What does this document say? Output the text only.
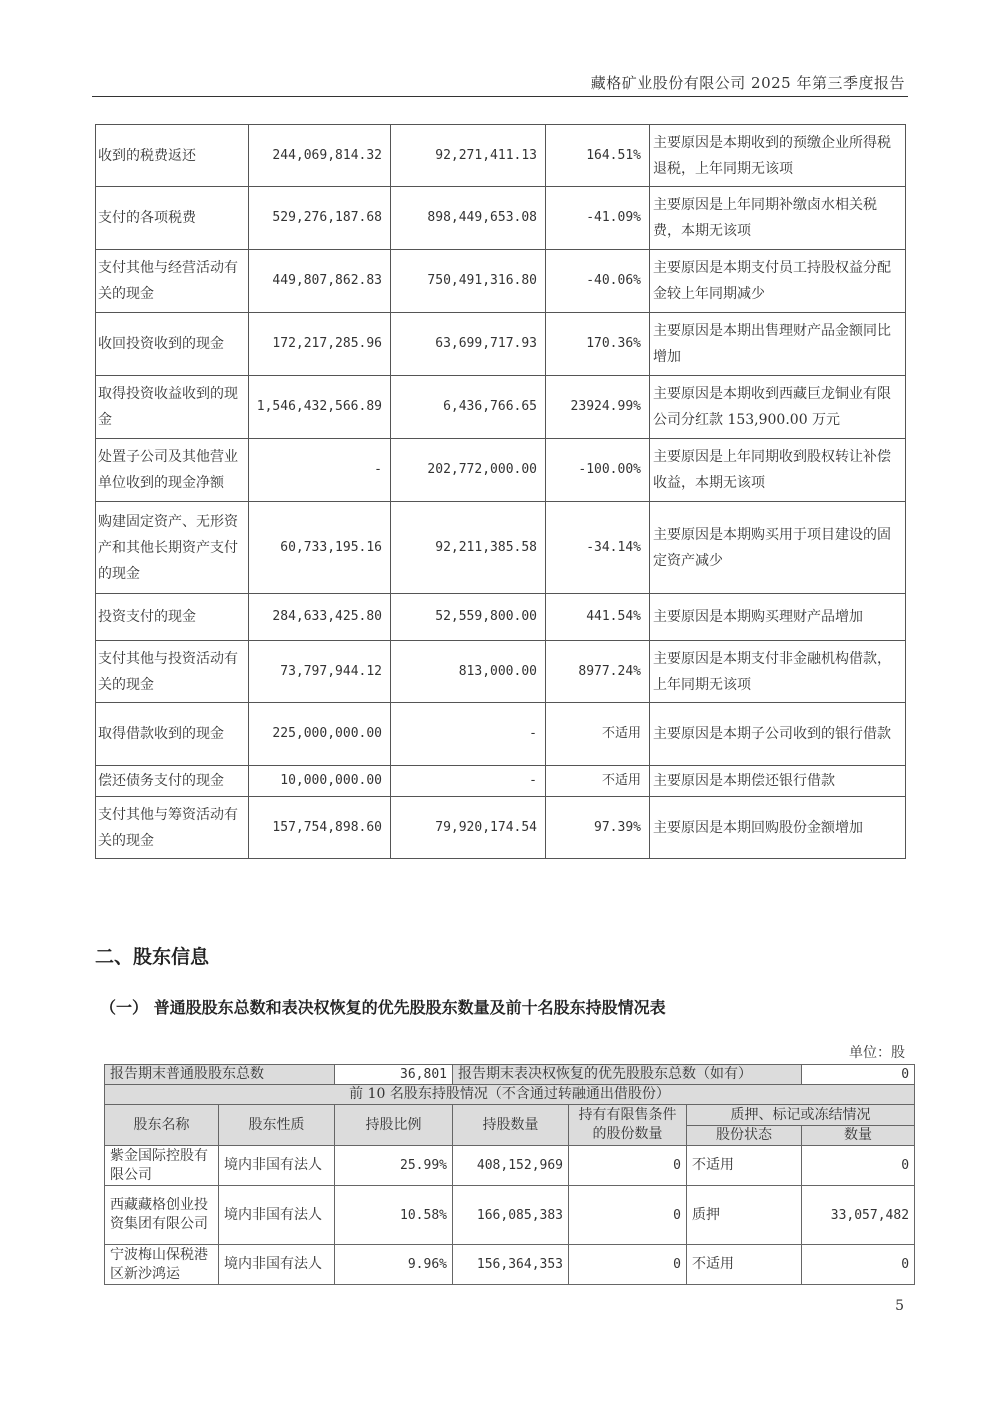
藏格矿业股份有限公司 2025 年第三季度报告
收到的税费返还	244,069,814.32	92,271,411.13	164.51%	主要原因是本期收到的预缴企业所得税退税，上年同期无该项
支付的各项税费	529,276,187.68	898,449,653.08	-41.09%	主要原因是上年同期补缴卤水相关税费，本期无该项
支付其他与经营活动有关的现金	449,807,862.83	750,491,316.80	-40.06%	主要原因是本期支付员工持股权益分配金较上年同期减少
收回投资收到的现金	172,217,285.96	63,699,717.93	170.36%	主要原因是本期出售理财产品金额同比增加
取得投资收益收到的现金	1,546,432,566.89	6,436,766.65	23924.99%	主要原因是本期收到西藏巨龙铜业有限公司分红款 153,900.00 万元
处置子公司及其他营业单位收到的现金净额	-	202,772,000.00	-100.00%	主要原因是上年同期收到股权转让补偿收益，本期无该项
购建固定资产、无形资产和其他长期资产支付的现金	60,733,195.16	92,211,385.58	-34.14%	主要原因是本期购买用于项目建设的固定资产减少
投资支付的现金	284,633,425.80	52,559,800.00	441.54%	主要原因是本期购买理财产品增加
支付其他与投资活动有关的现金	73,797,944.12	813,000.00	8977.24%	主要原因是本期支付非金融机构借款，上年同期无该项
取得借款收到的现金	225,000,000.00	-	不适用	主要原因是本期子公司收到的银行借款
偿还债务支付的现金	10,000,000.00	-	不适用	主要原因是本期偿还银行借款
支付其他与筹资活动有关的现金	157,754,898.60	79,920,174.54	97.39%	主要原因是本期回购股份金额增加
二、股东信息
（一） 普通股股东总数和表决权恢复的优先股股东数量及前十名股东持股情况表
单位：股
报告期末普通股股东总数		36,801	报告期末表决权恢复的优先股股东总数（如有）			0
前 10 名股东持股情况（不含通过转融通出借股份）						
股东名称	股东性质	持股比例	持股数量	持有有限售条件的股份数量	质押、标记或冻结情况	
					股份状态	数量
紫金国际控股有限公司	境内非国有法人	25.99%	408,152,969	0	不适用	0
西藏藏格创业投资集团有限公司	境内非国有法人	10.58%	166,085,383	0	质押	33,057,482
宁波梅山保税港区新沙鸿运	境内非国有法人	9.96%	156,364,353	0	不适用	0
5
